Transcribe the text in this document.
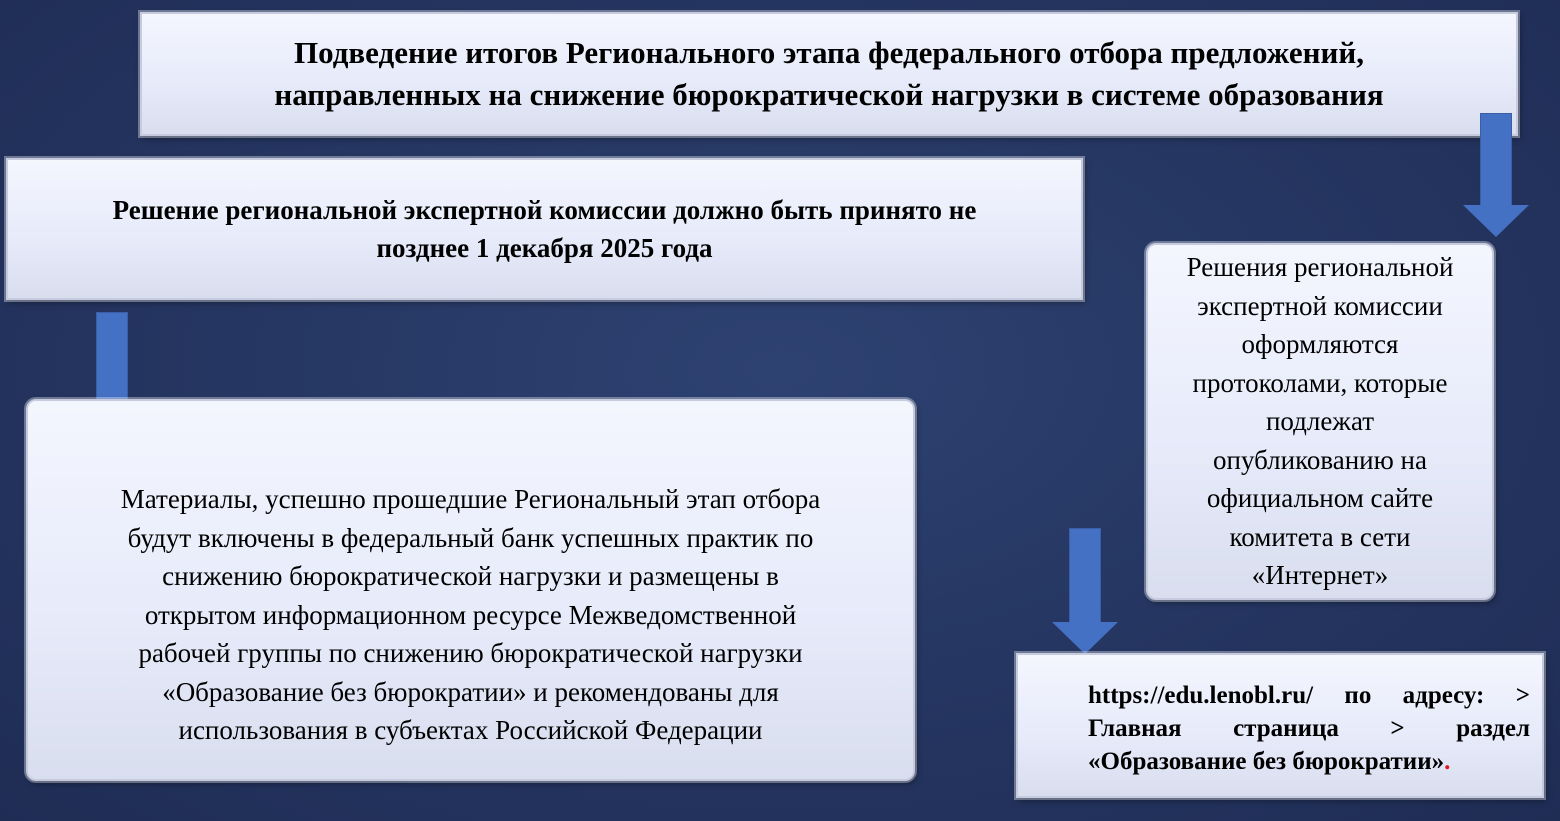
Подведение итогов Регионального этапа федерального отбора предложений,
направленных на снижение бюрократической нагрузки в системе образования
Решение региональной экспертной комиссии должно быть принято не
позднее 1 декабря 2025 года
Решения региональной
экспертной комиссии
оформляются
протоколами, которые
подлежат
опубликованию на
официальном сайте
комитета в сети
«Интернет»
Материалы, успешно прошедшие Региональный этап отбора
будут включены в федеральный банк успешных практик по
снижению бюрократической нагрузки и размещены в
открытом информационном ресурсе Межведомственной
рабочей группы по снижению бюрократической нагрузки
«Образование без бюрократии» и рекомендованы для
использования в субъектах Российской Федерации
https://edu.lenobl.ru/ по адресу: >
Главная страница > раздел
«Образование без бюрократии».
